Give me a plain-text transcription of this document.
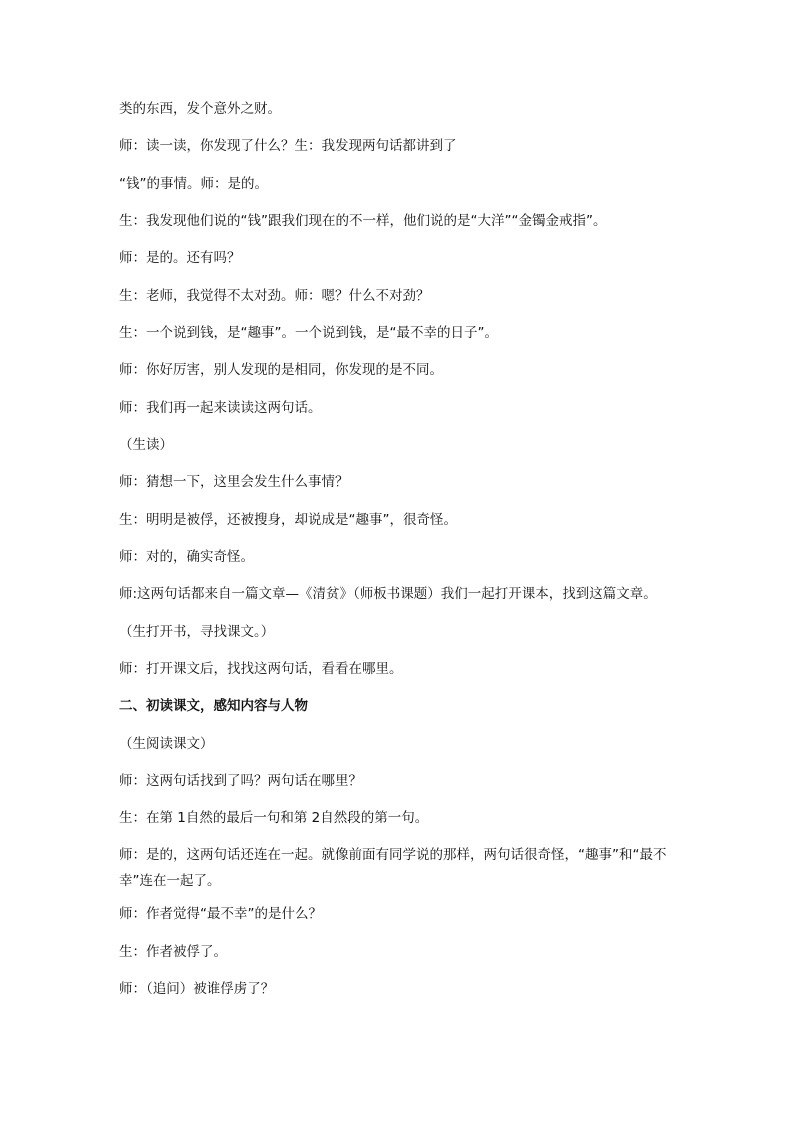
类的东西，发个意外之财。

师：读一读，你发现了什么？生：我发现两句话都讲到了

“钱”的事情。师：是的。

生：我发现他们说的“钱”跟我们现在的不一样，他们说的是“大洋”“金镯金戒指”。

师：是的。还有吗？

生：老师，我觉得不太对劲。师：嗯？什么不对劲？

生：一个说到钱，是“趣事”。一个说到钱，是“最不幸的日子”。

师：你好厉害，别人发现的是相同，你发现的是不同。

师：我们再一起来读读这两句话。

（生读）

师：猜想一下，这里会发生什么事情？

生：明明是被俘，还被搜身，却说成是“趣事”，很奇怪。

师：对的，确实奇怪。

师:这两句话都来自一篇文章—《清贫》（师板书课题）我们一起打开课本，找到这篇文章。

（生打开书，寻找课文。）

师：打开课文后，找找这两句话，看看在哪里。

二、初读课文，感知内容与人物

（生阅读课文）

师：这两句话找到了吗？两句话在哪里？

生：在第 1自然的最后一句和第 2自然段的第一句。

师：是的，这两句话还连在一起。就像前面有同学说的那样，两句话很奇怪，“趣事”和“最不幸”连在一起了。

师：作者觉得“最不幸”的是什么？

生：作者被俘了。

师：（追问）被谁俘虏了？
